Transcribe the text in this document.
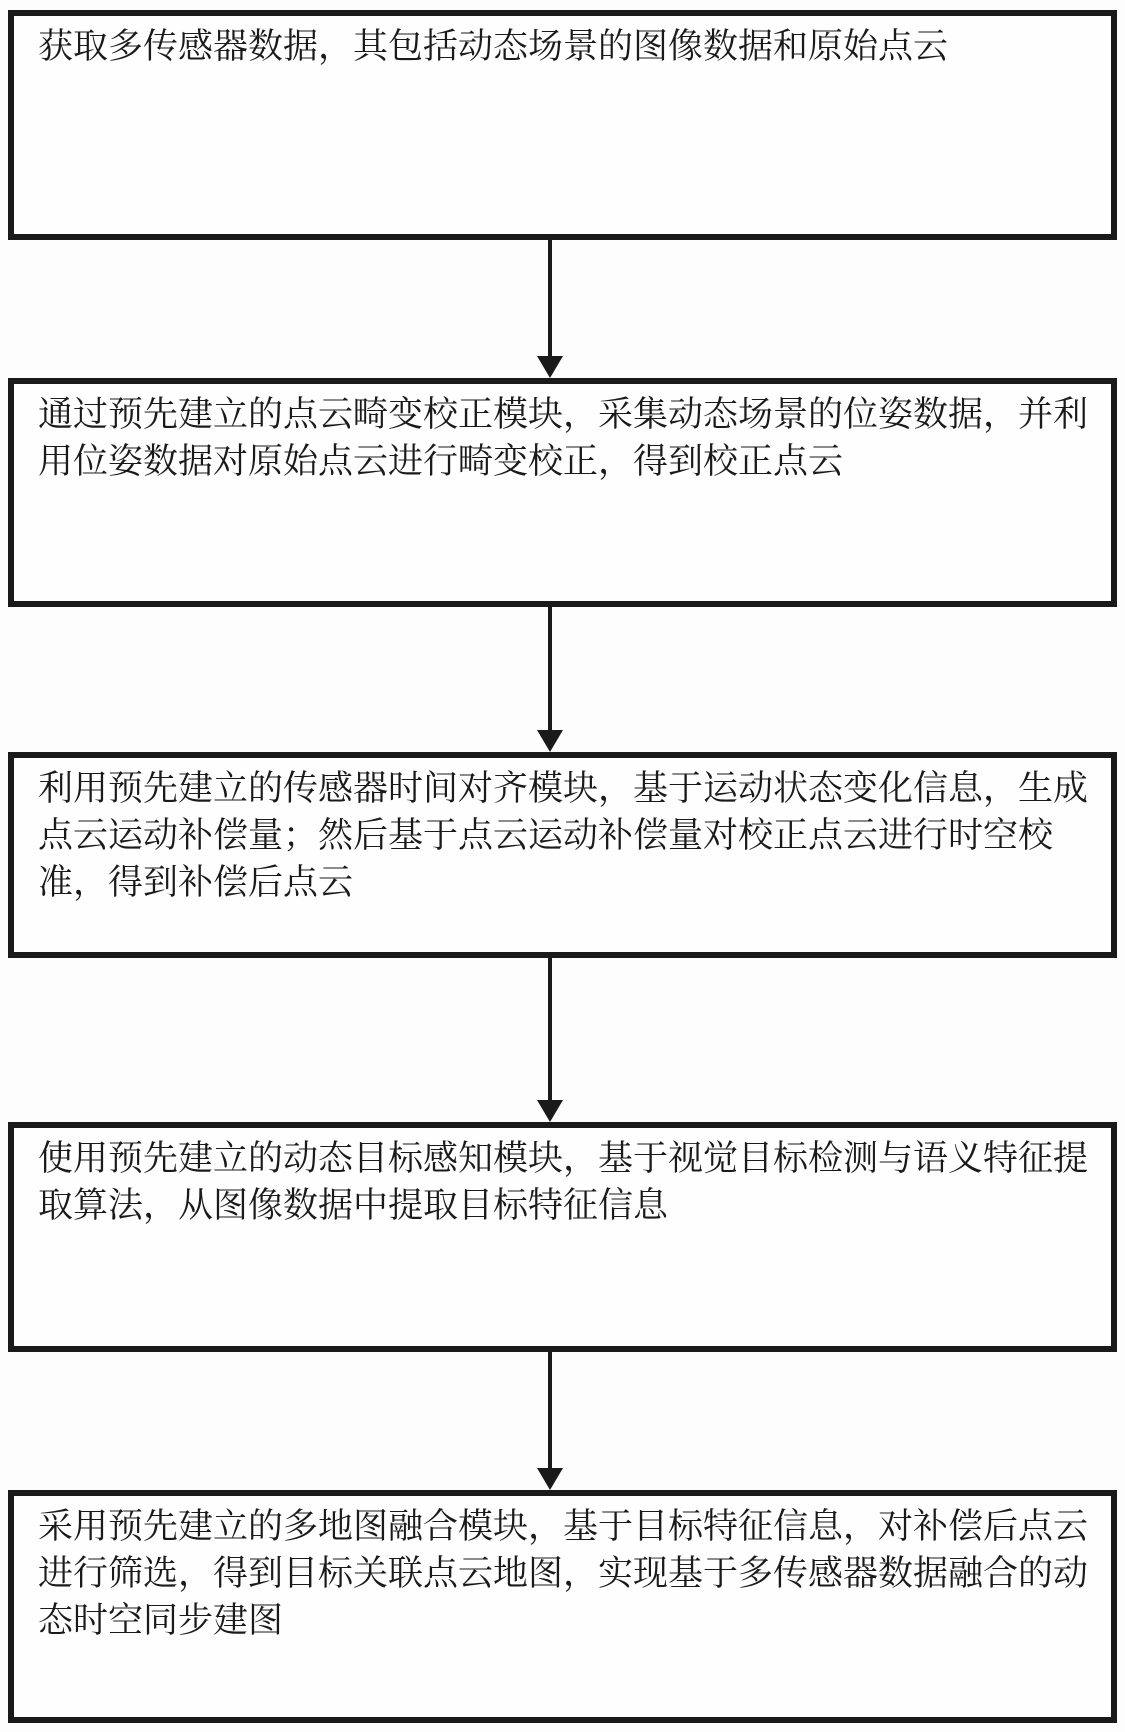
获取多传感器数据，其包括动态场景的图像数据和原始点云

通过预先建立的点云畸变校正模块，采集动态场景的位姿数据，并利用位姿数据对原始点云进行畸变校正，得到校正点云

利用预先建立的传感器时间对齐模块，基于运动状态变化信息，生成点云运动补偿量；然后基于点云运动补偿量对校正点云进行时空校准，得到补偿后点云

使用预先建立的动态目标感知模块，基于视觉目标检测与语义特征提取算法，从图像数据中提取目标特征信息

采用预先建立的多地图融合模块，基于目标特征信息，对补偿后点云进行筛选，得到目标关联点云地图，实现基于多传感器数据融合的动态时空同步建图
